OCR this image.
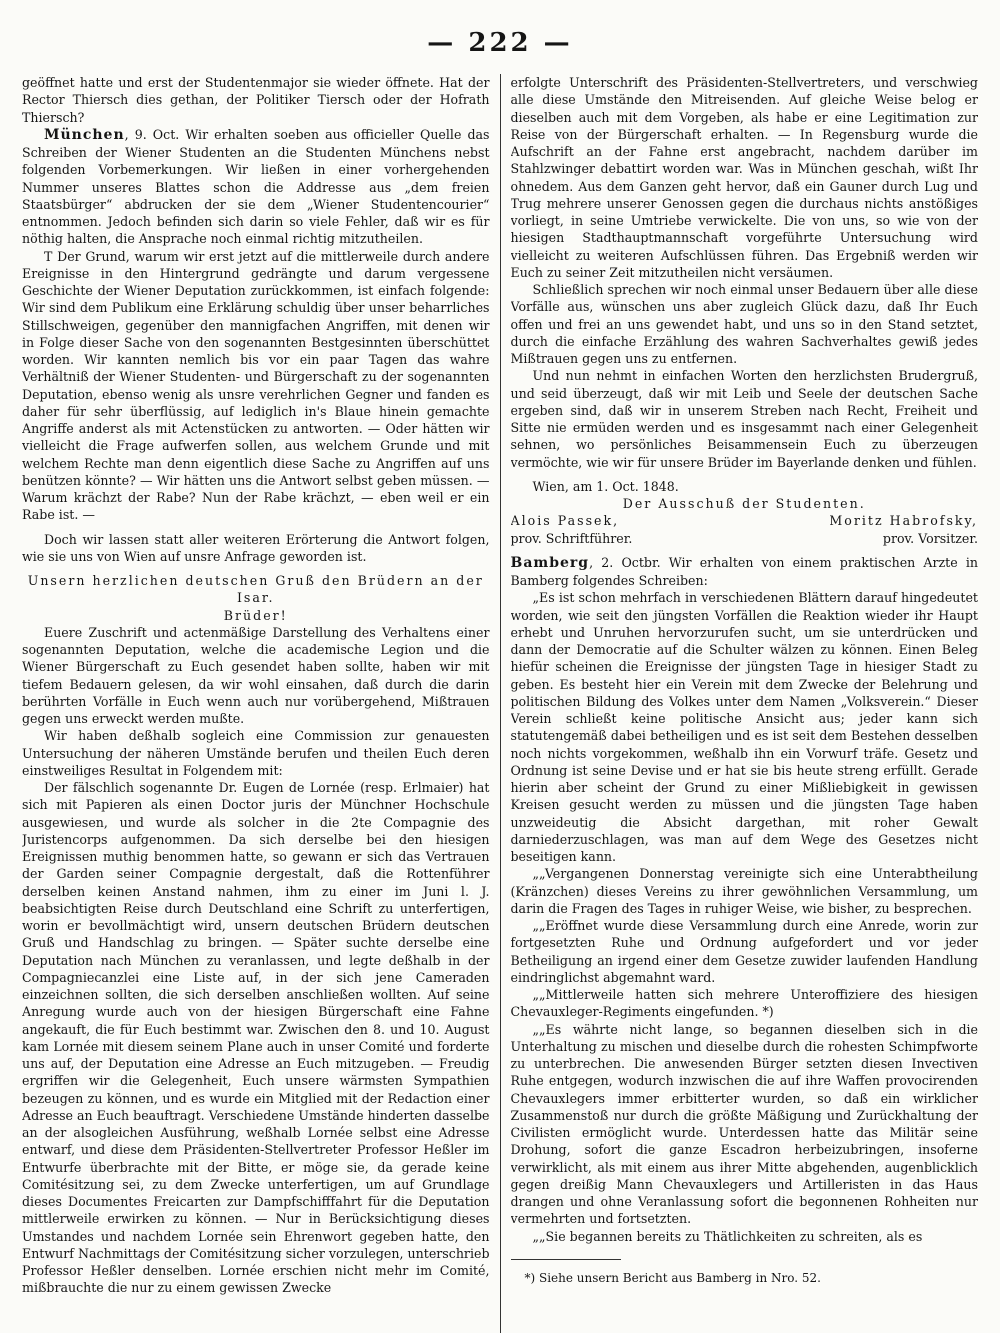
— 222 —

geöffnet hatte und erst der Studentenmajor sie wieder öffnete. Hat der Rector Thiersch dies gethan, der Politiker Tiersch oder der Hofrath Thiersch?

München, 9. Oct. Wir erhalten soeben aus officieller Quelle das Schreiben der Wiener Studenten an die Studenten Münchens nebst folgenden Vorbemerkungen. Wir ließen in einer vorhergehenden Nummer unseres Blattes schon die Addresse aus „dem freien Staatsbürger“ abdrucken der sie dem „Wiener Studentencourier“ entnommen. Jedoch befinden sich darin so viele Fehler, daß wir es für nöthig halten, die Ansprache noch einmal richtig mitzutheilen.

T Der Grund, warum wir erst jetzt auf die mittlerweile durch andere Ereignisse in den Hintergrund gedrängte und darum vergessene Geschichte der Wiener Deputation zurückkommen, ist einfach folgende: Wir sind dem Publikum eine Erklärung schuldig über unser beharrliches Stillschweigen, gegenüber den mannigfachen Angriffen, mit denen wir in Folge dieser Sache von den sogenannten Bestgesinnten überschüttet worden. Wir kannten nemlich bis vor ein paar Tagen das wahre Verhältniß der Wiener Studenten- und Bürgerschaft zu der sogenannten Deputation, ebenso wenig als unsre verehrlichen Gegner und fanden es daher für sehr überflüssig, auf lediglich in's Blaue hinein gemachte Angriffe anderst als mit Actenstücken zu antworten. — Oder hätten wir vielleicht die Frage aufwerfen sollen, aus welchem Grunde und mit welchem Rechte man denn eigentlich diese Sache zu Angriffen auf uns benützen könnte? — Wir hätten uns die Antwort selbst geben müssen. — Warum krächzt der Rabe? Nun der Rabe krächzt, — eben weil er ein Rabe ist. —

Doch wir lassen statt aller weiteren Erörterung die Antwort folgen, wie sie uns von Wien auf unsre Anfrage geworden ist.

Unsern herzlichen deutschen Gruß den Brüdern an der Isar.

Brüder!

Euere Zuschrift und actenmäßige Darstellung des Verhaltens einer sogenannten Deputation, welche die academische Legion und die Wiener Bürgerschaft zu Euch gesendet haben sollte, haben wir mit tiefem Bedauern gelesen, da wir wohl einsahen, daß durch die darin berührten Vorfälle in Euch wenn auch nur vorübergehend, Mißtrauen gegen uns erweckt werden mußte.

Wir haben deßhalb sogleich eine Commission zur genauesten Untersuchung der näheren Umstände berufen und theilen Euch deren einstweiliges Resultat in Folgendem mit:

Der fälschlich sogenannte Dr. Eugen de Lornée (resp. Erlmaier) hat sich mit Papieren als einen Doctor juris der Münchner Hochschule ausgewiesen, und wurde als solcher in die 2te Compagnie des Juristencorps aufgenommen. Da sich derselbe bei den hiesigen Ereignissen muthig benommen hatte, so gewann er sich das Vertrauen der Garden seiner Compagnie dergestalt, daß die Rottenführer derselben keinen Anstand nahmen, ihm zu einer im Juni l. J. beabsichtigten Reise durch Deutschland eine Schrift zu unterfertigen, worin er bevollmächtigt wird, unsern deutschen Brüdern deutschen Gruß und Handschlag zu bringen. — Später suchte derselbe eine Deputation nach München zu veranlassen, und legte deßhalb in der Compagniecanzlei eine Liste auf, in der sich jene Cameraden einzeichnen sollten, die sich derselben anschließen wollten. Auf seine Anregung wurde auch von der hiesigen Bürgerschaft eine Fahne angekauft, die für Euch bestimmt war. Zwischen den 8. und 10. August kam Lornée mit diesem seinem Plane auch in unser Comité und forderte uns auf, der Deputation eine Adresse an Euch mitzugeben. — Freudig ergriffen wir die Gelegenheit, Euch unsere wärmsten Sympathien bezeugen zu können, und es wurde ein Mitglied mit der Redaction einer Adresse an Euch beauftragt. Verschiedene Umstände hinderten dasselbe an der alsogleichen Ausführung, weßhalb Lornée selbst eine Adresse entwarf, und diese dem Präsidenten-Stellvertreter Professor Heßler im Entwurfe überbrachte mit der Bitte, er möge sie, da gerade keine Comitésitzung sei, zu dem Zwecke unterfertigen, um auf Grundlage dieses Documentes Freicarten zur Dampfschifffahrt für die Deputation mittlerweile erwirken zu können. — Nur in Berücksichtigung dieses Umstandes und nachdem Lornée sein Ehrenwort gegeben hatte, den Entwurf Nachmittags der Comitésitzung sicher vorzulegen, unterschrieb Professor Heßler denselben. Lornée erschien nicht mehr im Comité, mißbrauchte die nur zu einem gewissen Zwecke

erfolgte Unterschrift des Präsidenten-Stellvertreters, und verschwieg alle diese Umstände den Mitreisenden. Auf gleiche Weise belog er dieselben auch mit dem Vorgeben, als habe er eine Legitimation zur Reise von der Bürgerschaft erhalten. — In Regensburg wurde die Aufschrift an der Fahne erst angebracht, nachdem darüber im Stahlzwinger debattirt worden war. Was in München geschah, wißt Ihr ohnedem. Aus dem Ganzen geht hervor, daß ein Gauner durch Lug und Trug mehrere unserer Genossen gegen die durchaus nichts anstößiges vorliegt, in seine Umtriebe verwickelte. Die von uns, so wie von der hiesigen Stadthauptmannschaft vorgeführte Untersuchung wird vielleicht zu weiteren Aufschlüssen führen. Das Ergebniß werden wir Euch zu seiner Zeit mitzutheilen nicht versäumen.

Schließlich sprechen wir noch einmal unser Bedauern über alle diese Vorfälle aus, wünschen uns aber zugleich Glück dazu, daß Ihr Euch offen und frei an uns gewendet habt, und uns so in den Stand setztet, durch die einfache Erzählung des wahren Sachverhaltes gewiß jedes Mißtrauen gegen uns zu entfernen.

Und nun nehmt in einfachen Worten den herzlichsten Brudergruß, und seid überzeugt, daß wir mit Leib und Seele der deutschen Sache ergeben sind, daß wir in unserem Streben nach Recht, Freiheit und Sitte nie ermüden werden und es insgesammt nach einer Gelegenheit sehnen, wo persönliches Beisammensein Euch zu überzeugen vermöchte, wie wir für unsere Brüder im Bayerlande denken und fühlen.

Wien, am 1. Oct. 1848.

Der Ausschuß der Studenten.

Alois Passek,	Moritz Habrofsky,
prov. Schriftführer.	prov. Vorsitzer.

Bamberg, 2. Octbr. Wir erhalten von einem praktischen Arzte in Bamberg folgendes Schreiben:

„Es ist schon mehrfach in verschiedenen Blättern darauf hingedeutet worden, wie seit den jüngsten Vorfällen die Reaktion wieder ihr Haupt erhebt und Unruhen hervorzurufen sucht, um sie unterdrücken und dann der Democratie auf die Schulter wälzen zu können. Einen Beleg hiefür scheinen die Ereignisse der jüngsten Tage in hiesiger Stadt zu geben. Es besteht hier ein Verein mit dem Zwecke der Belehrung und politischen Bildung des Volkes unter dem Namen „Volksverein.“ Dieser Verein schließt keine politische Ansicht aus; jeder kann sich statutengemäß dabei betheiligen und es ist seit dem Bestehen desselben noch nichts vorgekommen, weßhalb ihn ein Vorwurf träfe. Gesetz und Ordnung ist seine Devise und er hat sie bis heute streng erfüllt. Gerade hierin aber scheint der Grund zu einer Mißliebigkeit in gewissen Kreisen gesucht werden zu müssen und die jüngsten Tage haben unzweideutig die Absicht dargethan, mit roher Gewalt darniederzuschlagen, was man auf dem Wege des Gesetzes nicht beseitigen kann.

„„Vergangenen Donnerstag vereinigte sich eine Unterabtheilung (Kränzchen) dieses Vereins zu ihrer gewöhnlichen Versammlung, um darin die Fragen des Tages in ruhiger Weise, wie bisher, zu besprechen.

„„Eröffnet wurde diese Versammlung durch eine Anrede, worin zur fortgesetzten Ruhe und Ordnung aufgefordert und vor jeder Betheiligung an irgend einer dem Gesetze zuwider laufenden Handlung eindringlichst abgemahnt ward.

„„Mittlerweile hatten sich mehrere Unteroffiziere des hiesigen Chevauxleger-Regiments eingefunden. *)

„„Es währte nicht lange, so begannen dieselben sich in die Unterhaltung zu mischen und dieselbe durch die rohesten Schimpfworte zu unterbrechen. Die anwesenden Bürger setzten diesen Invectiven Ruhe entgegen, wodurch inzwischen die auf ihre Waffen provocirenden Chevauxlegers immer erbitterter wurden, so daß ein wirklicher Zusammenstoß nur durch die größte Mäßigung und Zurückhaltung der Civilisten ermöglicht wurde. Unterdessen hatte das Militär seine Drohung, sofort die ganze Escadron herbeizubringen, insoferne verwirklicht, als mit einem aus ihrer Mitte abgehenden, augenblicklich gegen dreißig Mann Chevauxlegers und Artilleristen in das Haus drangen und ohne Veranlassung sofort die begonnenen Rohheiten nur vermehrten und fortsetzten.

„„Sie begannen bereits zu Thätlichkeiten zu schreiten, als es

*) Siehe unsern Bericht aus Bamberg in Nro. 52.
